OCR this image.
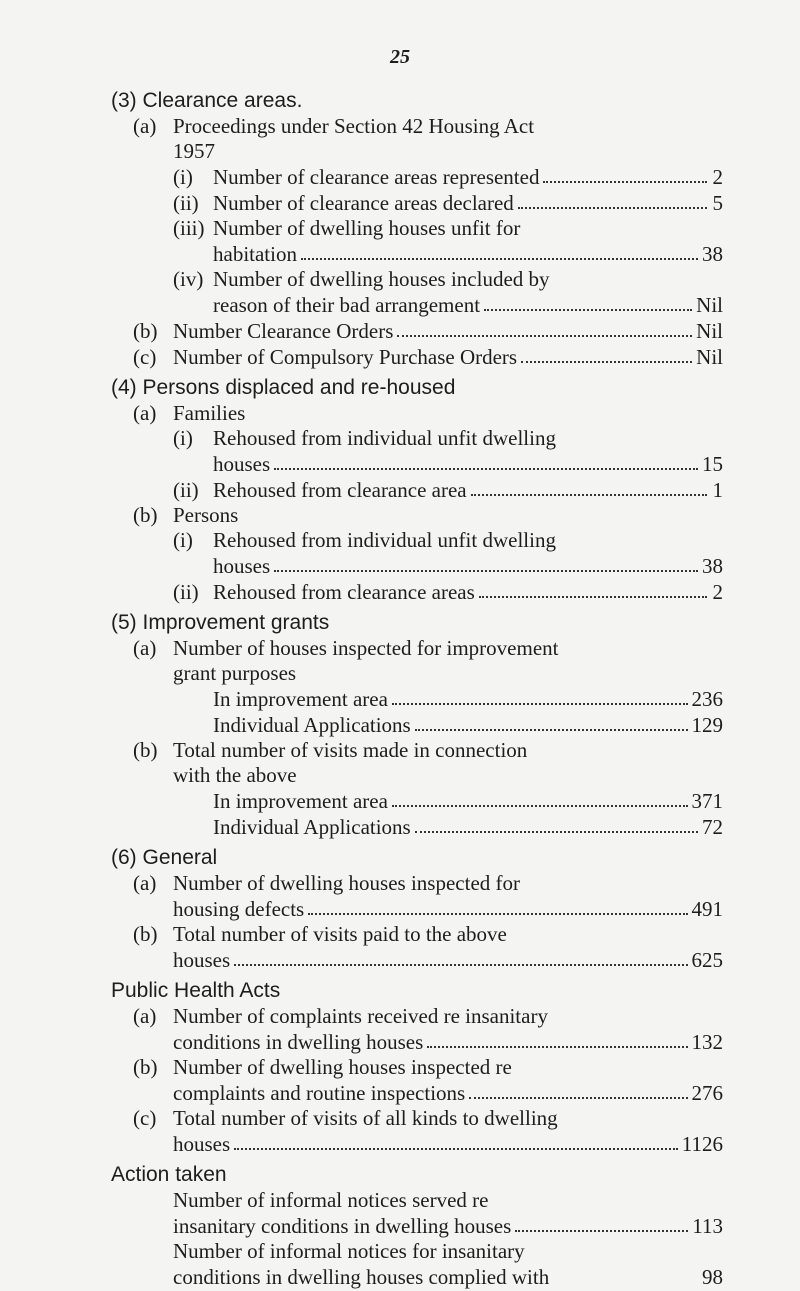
25
(3) Clearance areas.
(a) Proceedings under Section 42 Housing Act
1957
(i) Number of clearance areas represented	2
(ii) Number of clearance areas declared	5
(iii) Number of dwelling houses unfit for
habitation	38
(iv) Number of dwelling houses included by
reason of their bad arrangement	Nil
(b) Number Clearance Orders	Nil
(c) Number of Compulsory Purchase Orders	Nil
(4) Persons displaced and re-housed
(a) Families
(i) Rehoused from individual unfit dwelling
houses	15
(ii) Rehoused from clearance area	1
(b) Persons
(i) Rehoused from individual unfit dwelling
houses	38
(ii) Rehoused from clearance areas	2
(5) Improvement grants
(a) Number of houses inspected for improvement
grant purposes
In improvement area	236
Individual Applications	129
(b) Total number of visits made in connection
with the above
In improvement area	371
Individual Applications	72
(6) General
(a) Number of dwelling houses inspected for
housing defects	491
(b) Total number of visits paid to the above
houses	625
Public Health Acts
(a) Number of complaints received re insanitary
conditions in dwelling houses	132
(b) Number of dwelling houses inspected re
complaints and routine inspections	276
(c) Total number of visits of all kinds to dwelling
houses	1126
Action taken
Number of informal notices served re
insanitary conditions in dwelling houses	113
Number of informal notices for insanitary
conditions in dwelling houses complied with	98
